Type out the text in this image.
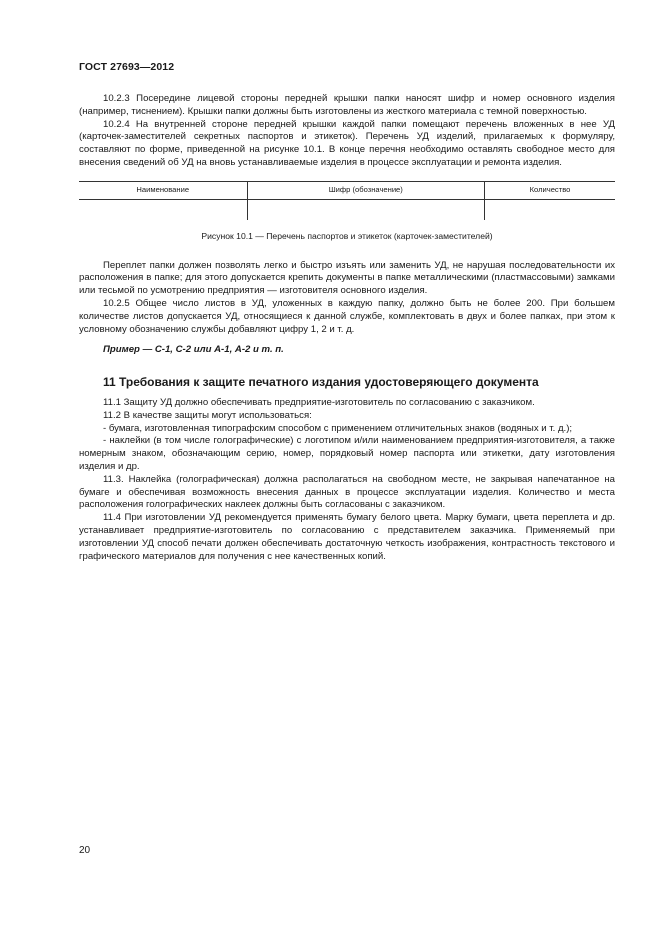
ГОСТ 27693—2012

10.2.3 Посередине лицевой стороны передней крышки папки наносят шифр и номер основного изделия (например, тиснением). Крышки папки должны быть изготовлены из жесткого материала с темной поверхностью.

10.2.4 На внутренней стороне передней крышки каждой папки помещают перечень вложенных в нее УД (карточек-заместителей секретных паспортов и этикеток). Перечень УД изделий, прилагаемых к формуляру, составляют по форме, приведенной на рисунке 10.1. В конце перечня необходимо оставлять свободное место для внесения сведений об УД на вновь устанавливаемые изделия в процессе эксплуатации и ремонта изделия.

Наименование	Шифр (обозначение)	Количество

Рисунок 10.1 — Перечень паспортов и этикеток (карточек-заместителей)

Переплет папки должен позволять легко и быстро изъять или заменить УД, не нарушая последовательности их расположения в папке; для этого допускается крепить документы в папке металлическими (пластмассовыми) замками или тесьмой по усмотрению предприятия — изготовителя основного изделия.

10.2.5 Общее число листов в УД, уложенных в каждую папку, должно быть не более 200. При большем количестве листов допускается УД, относящиеся к данной службе, комплектовать в двух и более папках, при этом к условному обозначению службы добавляют цифру 1, 2 и т. д.

Пример — С-1, С-2 или А-1, А-2 и т. п.

11 Требования к защите печатного издания удостоверяющего документа

11.1 Защиту УД должно обеспечивать предприятие-изготовитель по согласованию с заказчиком.

11.2 В качестве защиты могут использоваться:

- бумага, изготовленная типографским способом с применением отличительных знаков (водяных и т. д.);

- наклейки (в том числе голографические) с логотипом и/или наименованием предприятия-изготовителя, а также номерным знаком, обозначающим серию, номер, порядковый номер паспорта или этикетки, дату изготовления изделия и др.

11.3. Наклейка (голографическая) должна располагаться на свободном месте, не закрывая напечатанное на бумаге и обеспечивая возможность внесения данных в процессе эксплуатации изделия. Количество и места расположения голографических наклеек должны быть согласованы с заказчиком.

11.4 При изготовлении УД рекомендуется применять бумагу белого цвета. Марку бумаги, цвета переплета и др. устанавливает предприятие-изготовитель по согласованию с представителем заказчика. Применяемый при изготовлении УД способ печати должен обеспечивать достаточную четкость изображения, контрастность текстового и графического материалов для получения с нее качественных копий.

20
